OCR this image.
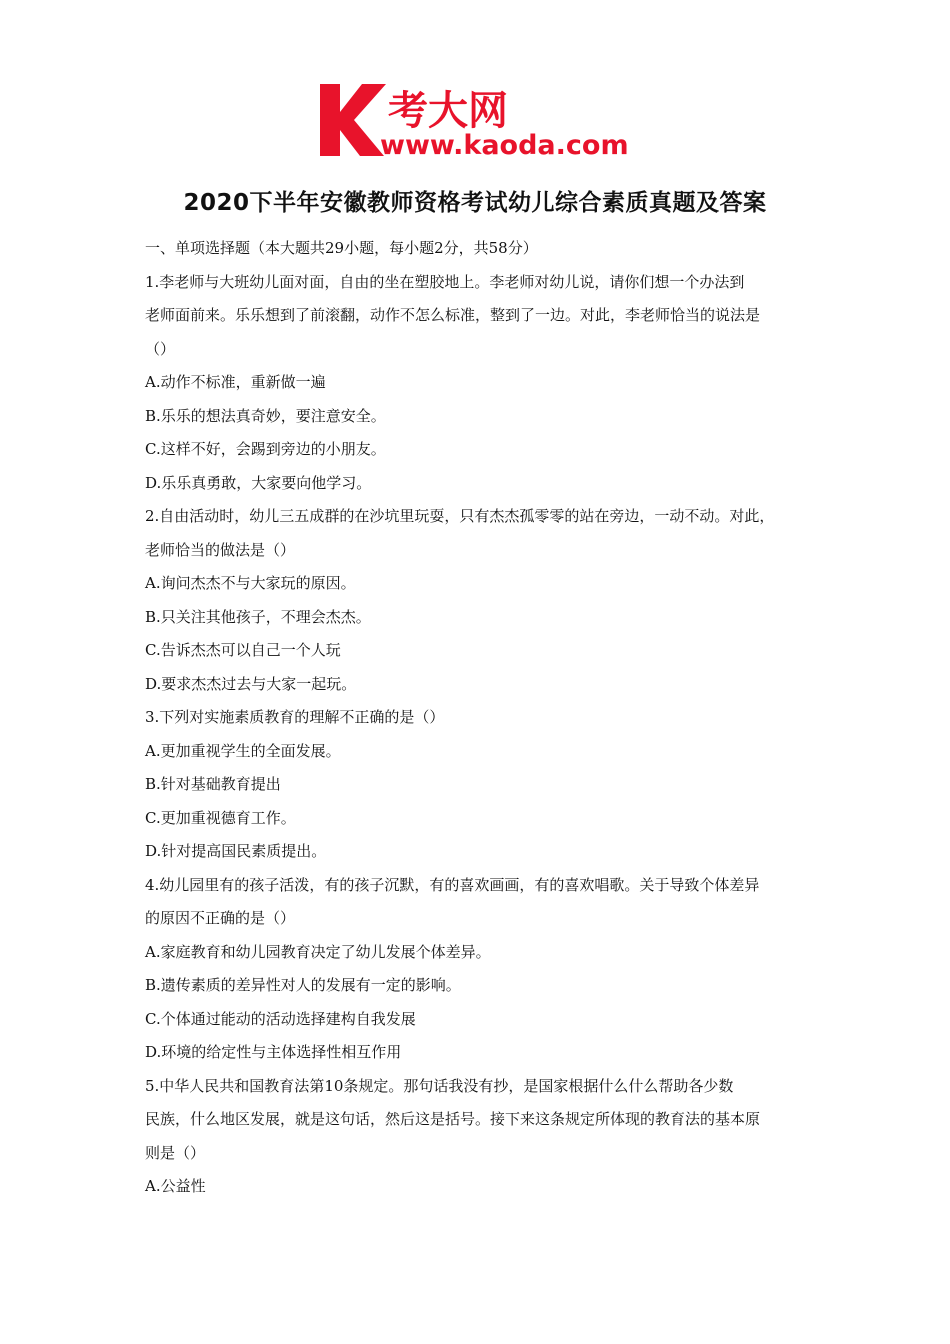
考大网
www.kaoda.com
2020下半年安徽教师资格考试幼儿综合素质真题及答案
一、单项选择题（本大题共29小题，每小题2分，共58分）
1.李老师与大班幼儿面对面，自由的坐在塑胶地上。李老师对幼儿说，请你们想一个办法到
老师面前来。乐乐想到了前滚翻，动作不怎么标准，整到了一边。对此，李老师恰当的说法是
（）
A.动作不标准，重新做一遍
B.乐乐的想法真奇妙，要注意安全。
C.这样不好，会踢到旁边的小朋友。
D.乐乐真勇敢，大家要向他学习。
2.自由活动时，幼儿三五成群的在沙坑里玩耍，只有杰杰孤零零的站在旁边，一动不动。对此，
老师恰当的做法是（）
A.询问杰杰不与大家玩的原因。
B.只关注其他孩子，不理会杰杰。
C.告诉杰杰可以自己一个人玩
D.要求杰杰过去与大家一起玩。
3.下列对实施素质教育的理解不正确的是（）
A.更加重视学生的全面发展。
B.针对基础教育提出
C.更加重视德育工作。
D.针对提高国民素质提出。
4.幼儿园里有的孩子活泼，有的孩子沉默，有的喜欢画画，有的喜欢唱歌。关于导致个体差异
的原因不正确的是（）
A.家庭教育和幼儿园教育决定了幼儿发展个体差异。
B.遗传素质的差异性对人的发展有一定的影响。
C.个体通过能动的活动选择建构自我发展
D.环境的给定性与主体选择性相互作用
5.中华人民共和国教育法第10条规定。那句话我没有抄，是国家根据什么什么帮助各少数
民族，什么地区发展，就是这句话，然后这是括号。接下来这条规定所体现的教育法的基本原
则是（）
A.公益性
